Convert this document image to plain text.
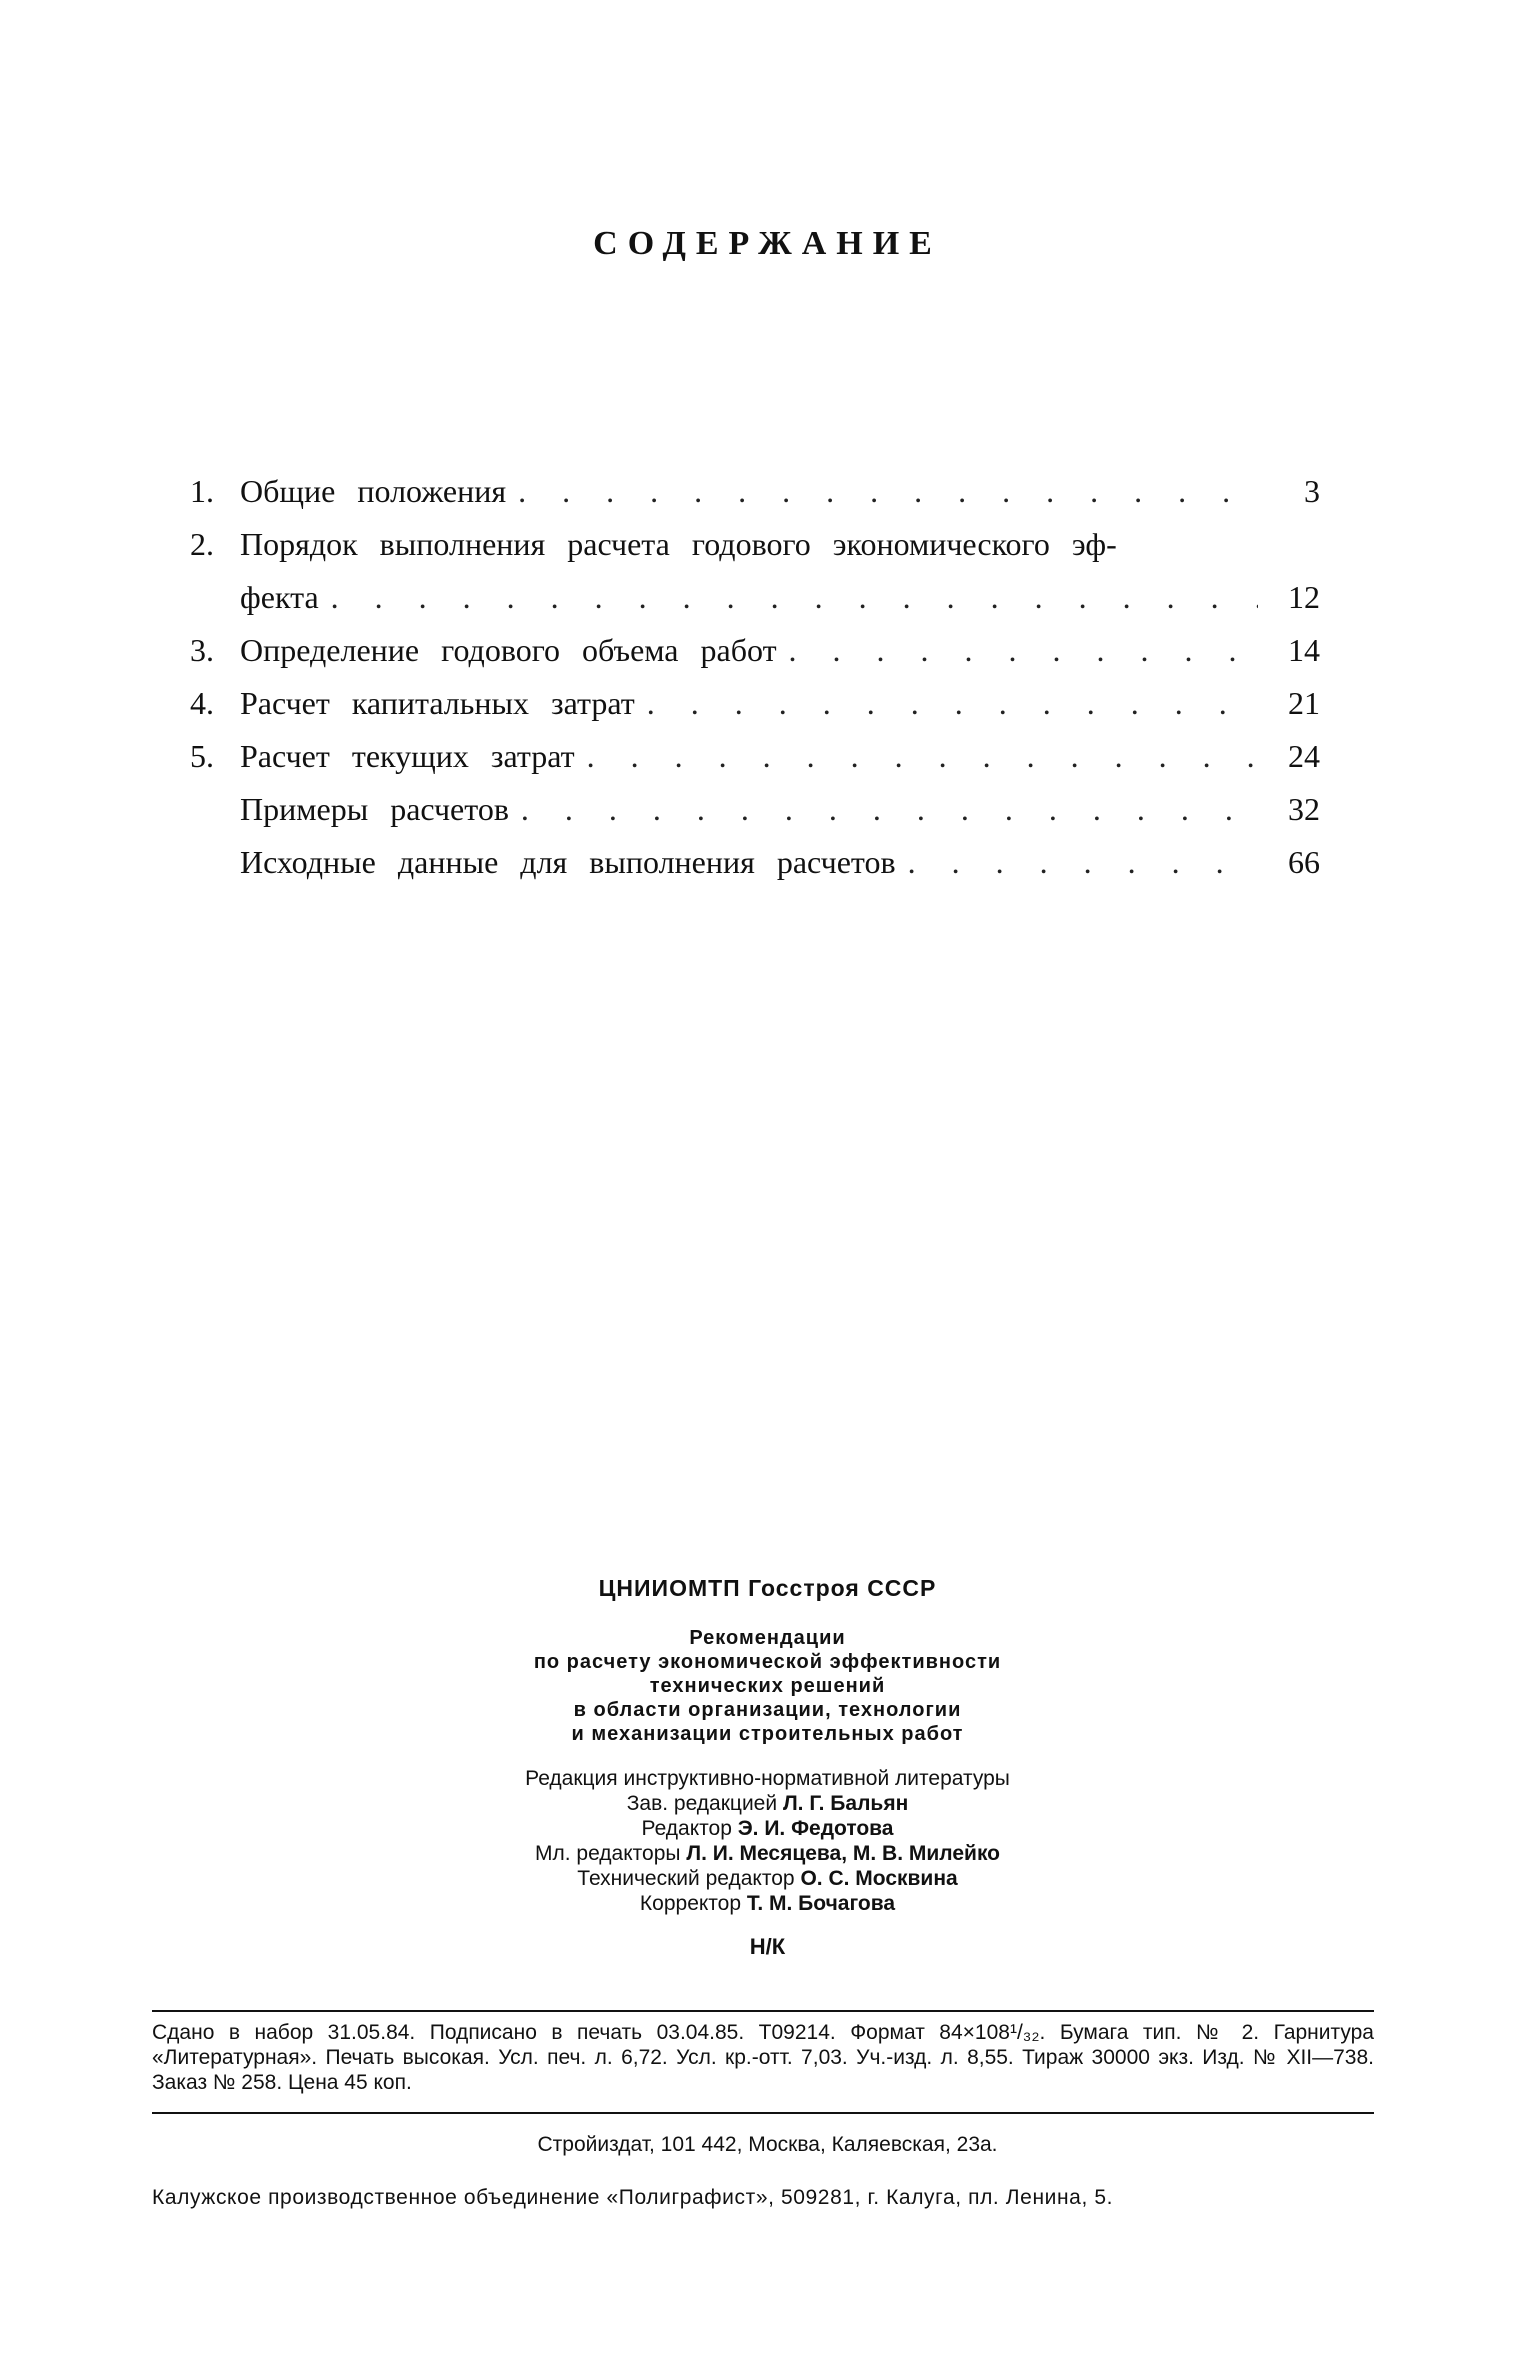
СОДЕРЖАНИЕ
1. Общие положения . . .	3
2. Порядок выполнения расчета годового экономического эф-
фекта . . .	12
3. Определение годового объема работ . . .	14
4. Расчет капитальных затрат . . .	21
5. Расчет текущих затрат . . .	24
Примеры расчетов . . .	32
Исходные данные для выполнения расчетов . . .	66
ЦНИИОМТП Госстроя СССР
Рекомендации
по расчету экономической эффективности
технических решений
в области организации, технологии
и механизации строительных работ
Редакция инструктивно-нормативной литературы
Зав. редакцией Л. Г. Бальян
Редактор Э. И. Федотова
Мл. редакторы Л. И. Месяцева, М. В. Милейко
Технический редактор О. С. Москвина
Корректор Т. М. Бочагова
Н/К
Сдано в набор 31.05.84. Подписано в печать 03.04.85. Т09214. Формат 84×108¹/₃₂. Бумага тип. № 2. Гарнитура «Литературная». Печать высокая. Усл. печ. л. 6,72. Усл. кр.-отт. 7,03. Уч.-изд. л. 8,55. Тираж 30000 экз. Изд. № XII—738. Заказ № 258. Цена 45 коп.
Стройиздат, 101 442, Москва, Каляевская, 23а.
Калужское производственное объединение «Полиграфист», 509281, г. Калуга, пл. Ленина, 5.
